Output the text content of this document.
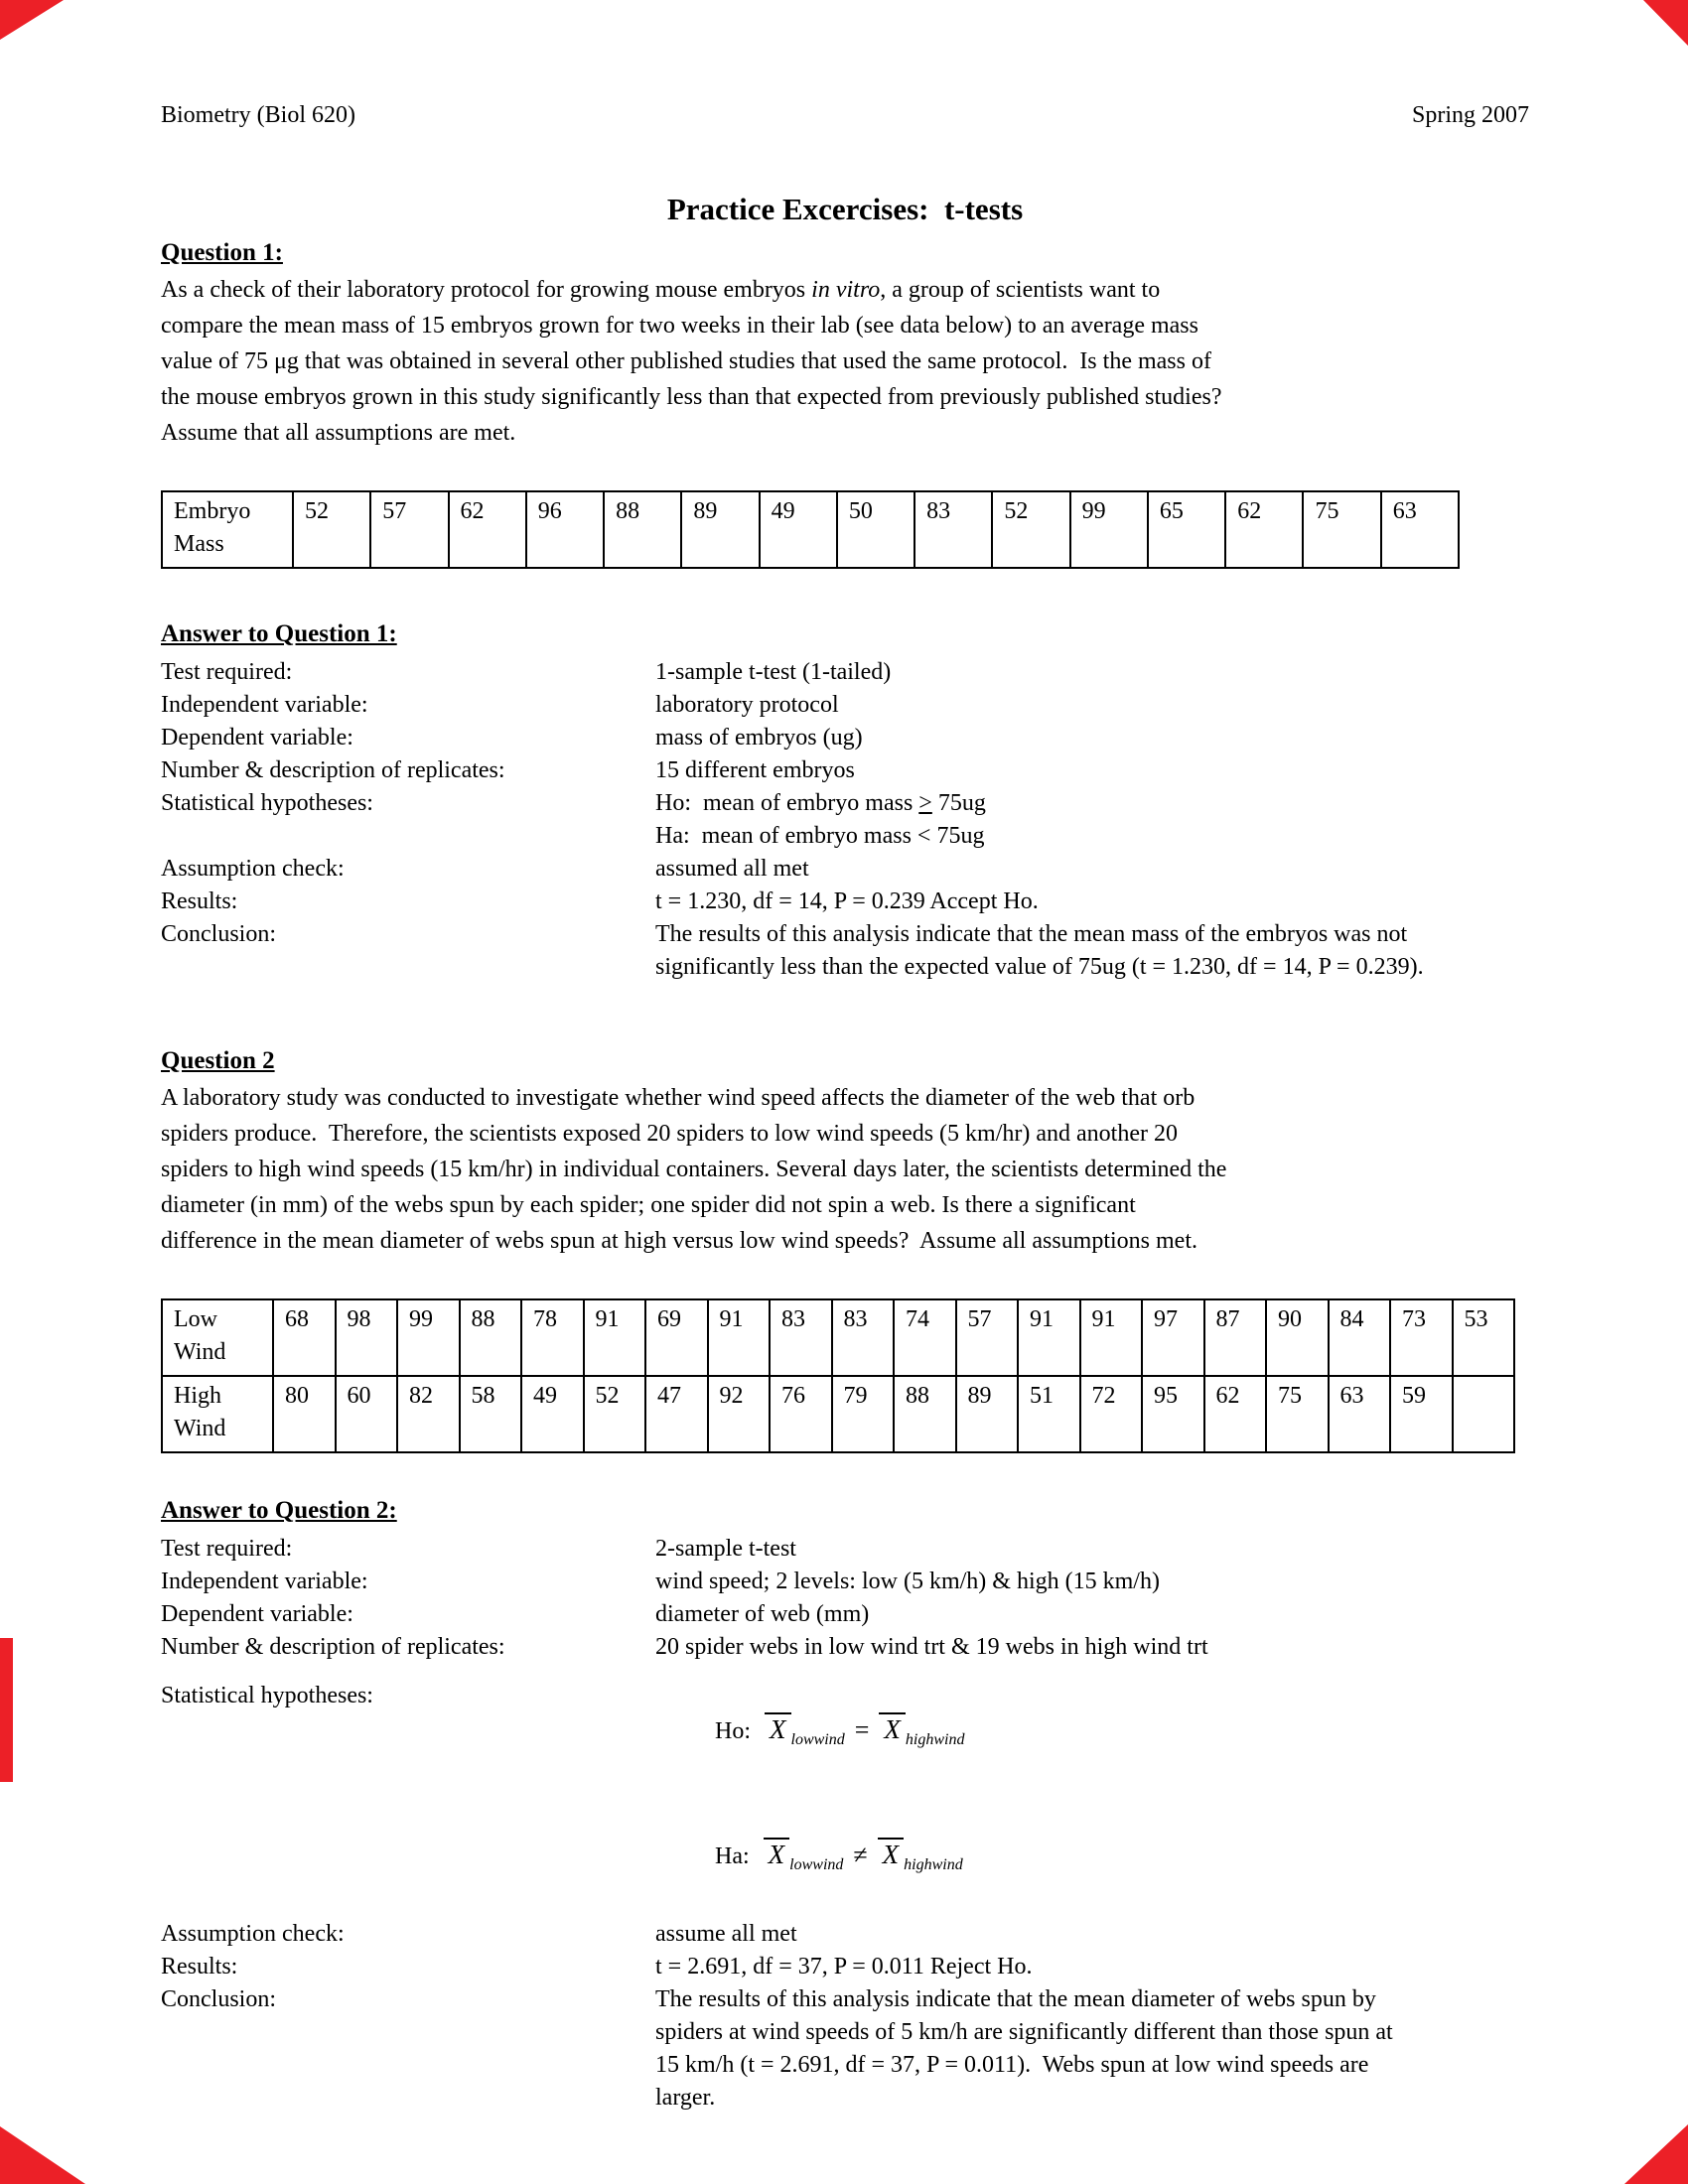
Biometry (Biol 620)	Spring 2007
Practice Excercises:  t-tests
Question 1:
As a check of their laboratory protocol for growing mouse embryos in vitro, a group of scientists want to
compare the mean mass of 15 embryos grown for two weeks in their lab (see data below) to an average mass
value of 75 μg that was obtained in several other published studies that used the same protocol.  Is the mass of
the mouse embryos grown in this study significantly less than that expected from previously published studies?
Assume that all assumptions are met.
Embryo Mass	52	57	62	96	88	89	49	50	83	52	99	65	62	75	63
Answer to Question 1:
Test required:	1-sample t-test (1-tailed)
Independent variable:	laboratory protocol
Dependent variable:	mass of embryos (ug)
Number & description of replicates:	15 different embryos
Statistical hypotheses:	Ho:  mean of embryo mass ≥ 75ug
Ha:  mean of embryo mass < 75ug
Assumption check:	assumed all met
Results:	t = 1.230, df = 14, P = 0.239 Accept Ho.
Conclusion:	The results of this analysis indicate that the mean mass of the embryos was not
significantly less than the expected value of 75ug (t = 1.230, df = 14, P = 0.239).
Question 2
A laboratory study was conducted to investigate whether wind speed affects the diameter of the web that orb
spiders produce.  Therefore, the scientists exposed 20 spiders to low wind speeds (5 km/hr) and another 20
spiders to high wind speeds (15 km/hr) in individual containers. Several days later, the scientists determined the
diameter (in mm) of the webs spun by each spider; one spider did not spin a web. Is there a significant
difference in the mean diameter of webs spun at high versus low wind speeds?  Assume all assumptions met.
Low Wind	68	98	99	88	78	91	69	91	83	83	74	57	91	91	97	87	90	84	73	53
High Wind	80	60	82	58	49	52	47	92	76	79	88	89	51	72	95	62	75	63	59	
Answer to Question 2:
Test required:	2-sample t-test
Independent variable:	wind speed; 2 levels: low (5 km/h) & high (15 km/h)
Dependent variable:	diameter of web (mm)
Number & description of replicates:	20 spider webs in low wind trt & 19 webs in high wind trt
Statistical hypotheses:

Ho: X $_{lowwind}$ = X $_{highwind}$

Ha: X $_{lowwind}$ ≠ X $_{highwind}$

Assumption check:	assume all met
Results:	t = 2.691, df = 37, P = 0.011 Reject Ho.
Conclusion:	The results of this analysis indicate that the mean diameter of webs spun by
spiders at wind speeds of 5 km/h are significantly different than those spun at
15 km/h (t = 2.691, df = 37, P = 0.011).  Webs spun at low wind speeds are
larger.
